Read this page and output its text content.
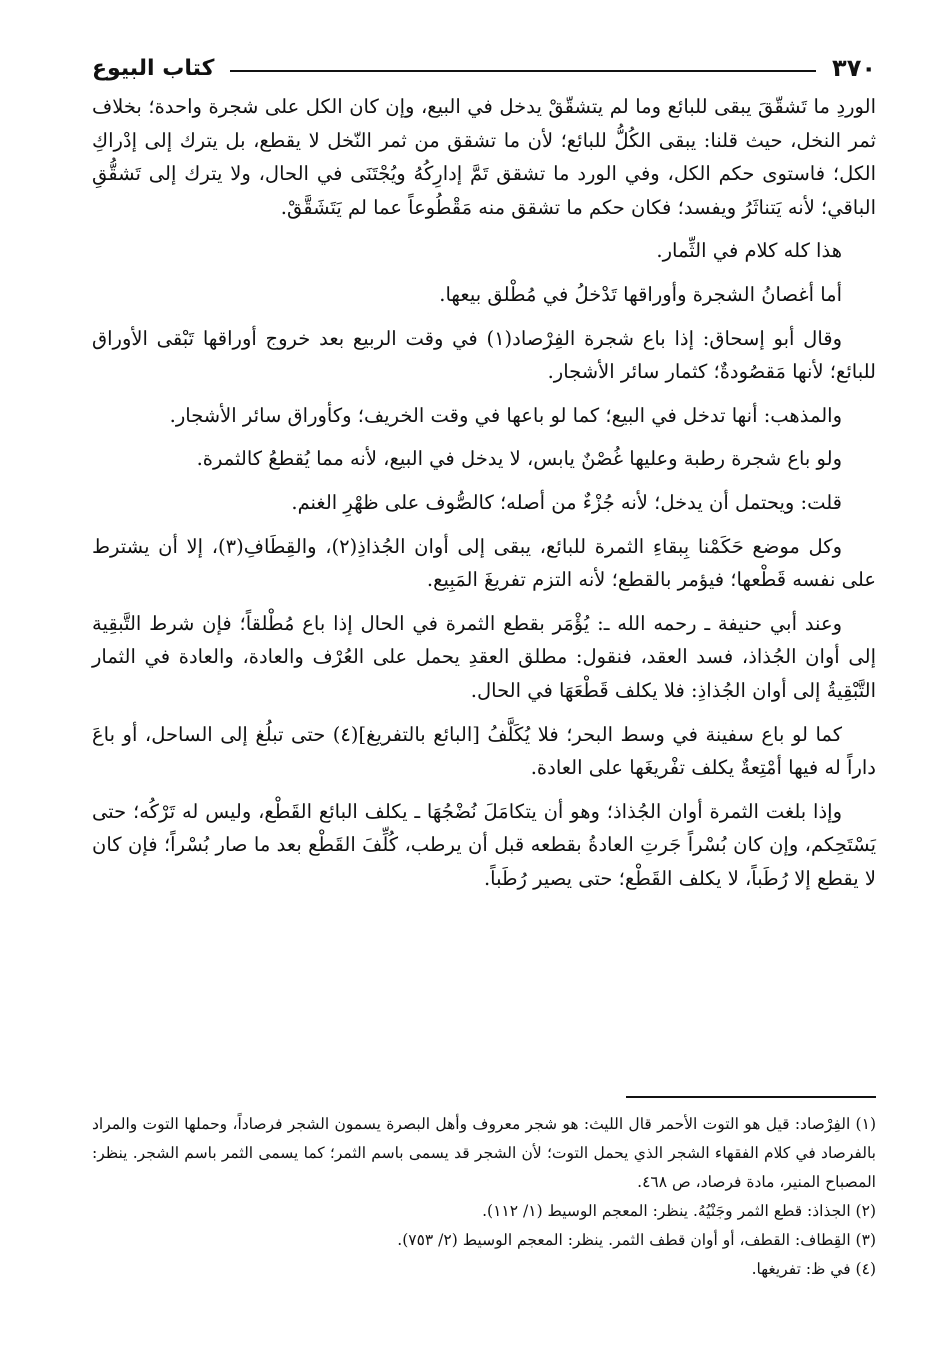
٣٧٠
كتاب البيوع

الوردِ ما تَشقّقَ يبقى للبائع وما لم يتشقّقْ يدخل في البيع، وإن كان الكل على شجرة واحدة؛ بخلاف ثمر النخل، حيث قلنا: يبقى الكُلُّ للبائع؛ لأن ما تشقق من ثمر النّخل لا يقطع، بل يترك إلى إدْراكِ الكل؛ فاستوى حكم الكل، وفي الورد ما تشقق تَمَّ إدارِكُهُ ويُجْتَنَى في الحال، ولا يترك إلى تَشقُّقِ الباقي؛ لأنه يَتناثَرُ ويفسد؛ فكان حكم ما تشقق منه مَقْطُوعاً عما لم يَتَشَقَّقْ.

هذا كله كلام في الثِّمار.

أما أغصانُ الشجرة وأوراقها تَدْخلُ في مُطْلق بيعها.

وقال أبو إسحاق: إذا باع شجرة الفِرْصاد(١) في وقت الربيع بعد خروج أوراقها تَبْقى الأوراق للبائع؛ لأنها مَقصُودةٌ؛ كثمار سائر الأشجار.

والمذهب: أنها تدخل في البيع؛ كما لو باعها في وقت الخريف؛ وكأوراق سائر الأشجار.

ولو باع شجرة رطبة وعليها غُصْنٌ يابس، لا يدخل في البيع، لأنه مما يُقطعُ كالثمرة.

قلت: ويحتمل أن يدخل؛ لأنه جُزْءٌ من أصله؛ كالصُّوف على ظهْرِ الغنم.

وكل موضع حَكَمْنا بِبقاءِ الثمرة للبائع، يبقى إلى أوان الجُذاذِ(٢)، والقِطَافِ(٣)، إلا أن يشترط على نفسه قَطْعها؛ فيؤمر بالقطع؛ لأنه التزم تفريغَ المَبِيع.

وعند أبي حنيفة ـ رحمه الله ـ: يُؤْمَر بقطع الثمرة في الحال إذا باع مُطْلقاً؛ فإن شرط التَّبقِية إلى أوان الجُذاذ، فسد العقد، فنقول: مطلق العقدِ يحمل على العُرْف والعادة، والعادة في الثمار التَّبْقِيةُ إلى أوان الجُذاذِ: فلا يكلف قَطْعَهَا في الحال.

كما لو باع سفينة في وسط البحر؛ فلا يُكَلَّفُ [البائع بالتفريغ](٤) حتى تبلُغ إلى الساحل، أو باعَ داراً له فيها أمْتِعةٌ يكلف تفْريغَها على العادة.

وإذا بلغت الثمرة أوان الجُذاذ؛ وهو أن يتكامَلَ نُضْجُهَا ـ يكلف البائع القَطْع، وليس له تَرْكُه؛ حتى يَسْتَحِكم، وإن كان بُسْراً جَرتِ العادةُ بقطعه قبل أن يرطب، كُلِّفَ القَطْع بعد ما صار بُسْراً؛ فإن كان لا يقطع إلا رُطَباً، لا يكلف القَطْع؛ حتى يصير رُطَباً.

(١) الفِرْصاد: قيل هو التوت الأحمر قال الليث: هو شجر معروف وأهل البصرة يسمون الشجر فرصاداً، وحملها التوت والمراد بالفرصاد في كلام الفقهاء الشجر الذي يحمل التوت؛ لأن الشجر قد يسمى باسم الثمر؛ كما يسمى الثمر باسم الشجر. ينظر: المصباح المنير، مادة فرصاد، ص ٤٦٨.

(٢) الجذاذ: قطع الثمر وجَنْيُهُ. ينظر: المعجم الوسيط (١/ ١١٢).

(٣) القِطاف: القطف، أو أوان قطف الثمر. ينظر: المعجم الوسيط (٢/ ٧٥٣).

(٤) في ظ: تفريغها.
